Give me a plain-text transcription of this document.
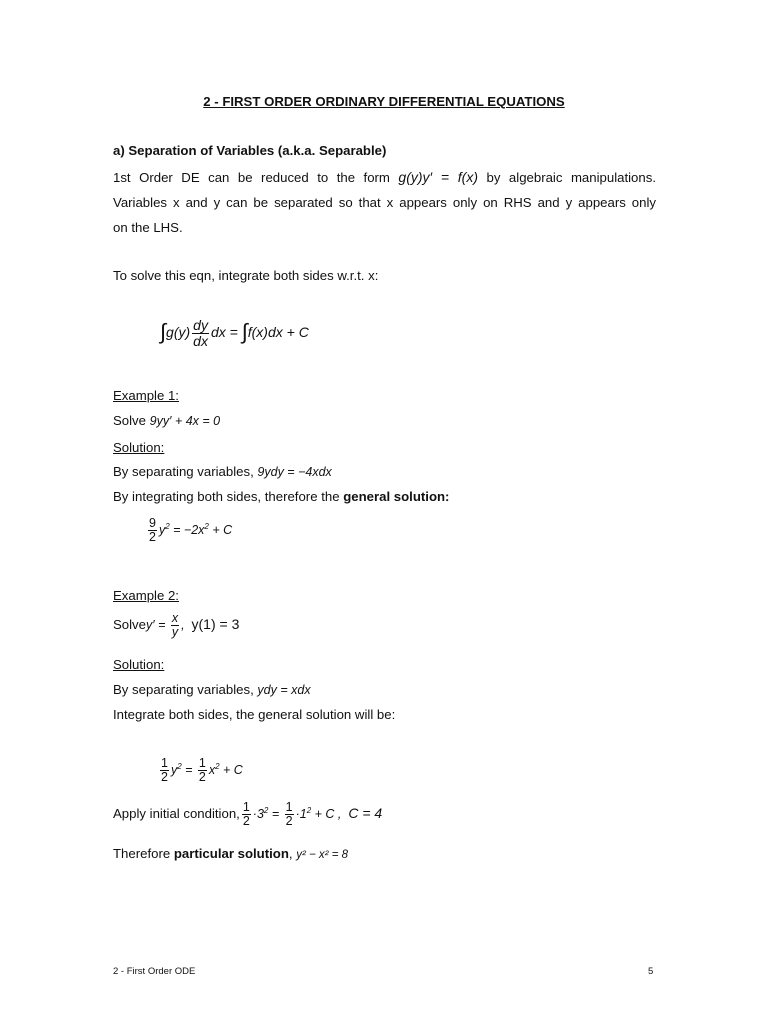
2 - FIRST ORDER ORDINARY DIFFERENTIAL EQUATIONS
a) Separation of Variables (a.k.a. Separable)
1st Order DE can be reduced to the form g(y)y′ = f(x) by algebraic manipulations.
Variables x and y can be separated so that x appears only on RHS and y appears only
on the LHS.
To solve this eqn, integrate both sides w.r.t. x:
$\int g(y) \frac{dy}{dx}$ dx = ∫f(x)dx + C
Example 1:
Solve 9yy′ + 4x = 0
Solution:
By separating variables, 9ydy = −4xdx
By integrating both sides, therefore the general solution:
$\frac{9}{2} y^2 = -2x^2 + C$
Example 2:
Solvey′ = $\frac{x}{y}$ ,  y(1) = 3
Solution:
By separating variables, ydy = xdx
Integrate both sides, the general solution will be:
$\frac{1}{2} y^2 = \frac{1}{2} x^2 + C$
Apply initial condition, $\frac{1}{2} \cdot 3^2 = \frac{1}{2} \cdot 1^2 + C$ ,  C = 4
Therefore particular solution, y² − x² = 8
2 - First Order ODE	5
